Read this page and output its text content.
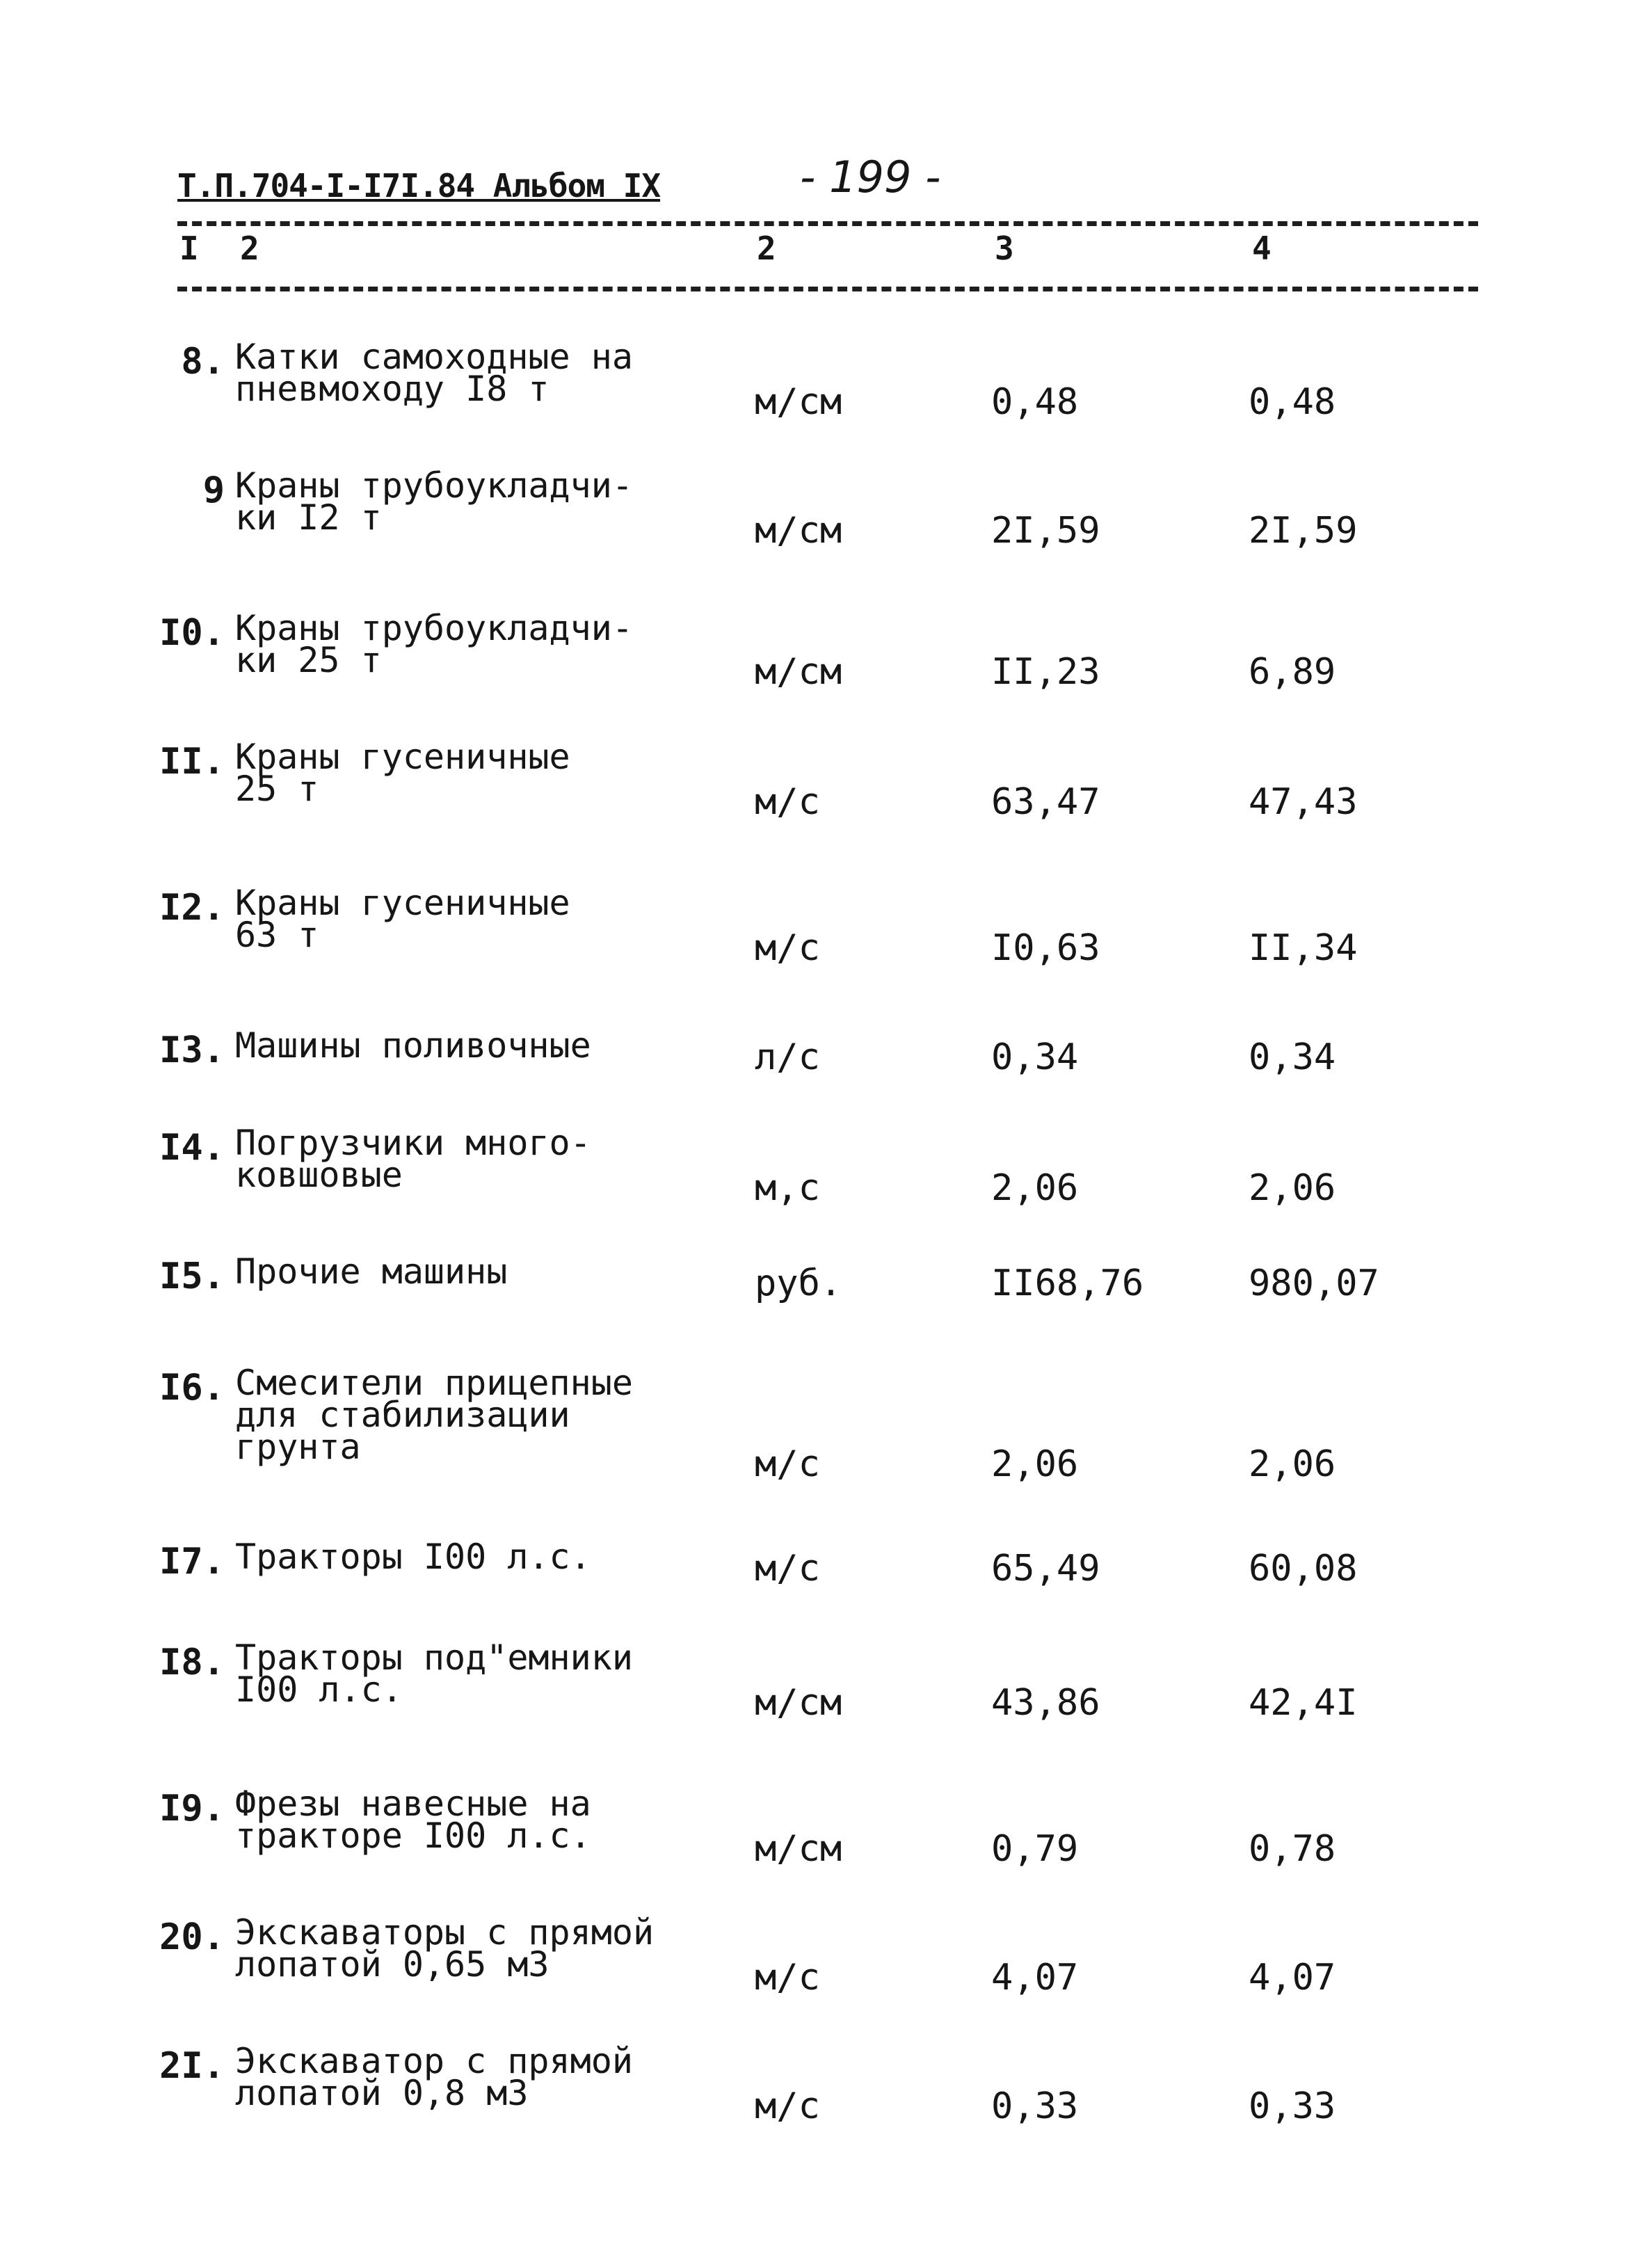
Т.П.704-I-I7I.84 Альбом IX	- 199 -
I 2	2	3	4
8. Катки самоходные на
пневмоходу I8 т	м/см	0,48	0,48
9 Краны трубоукладчи-
ки I2 т	м/см	2I,59	2I,59
I0. Краны трубоукладчи-
ки 25 т	м/см	II,23	6,89
II. Краны гусеничные
25 т	м/с	63,47	47,43
I2. Краны гусеничные
63 т	м/с	I0,63	II,34
I3. Машины поливочные	л/с	0,34	0,34
I4. Погрузчики много-
ковшовые	м,с	2,06	2,06
I5. Прочие машины	руб.	II68,76	980,07
I6. Смесители прицепные
для стабилизации
грунта	м/с	2,06	2,06
I7. Тракторы I00 л.с.	м/с	65,49	60,08
I8. Тракторы под"емники
I00 л.с.	м/см	43,86	42,4I
I9. Фрезы навесные на
тракторе I00 л.с.	м/см	0,79	0,78
20. Экскаваторы с прямой
лопатой 0,65 м3	м/с	4,07	4,07
2I. Экскаватор с прямой
лопатой 0,8 м3	м/с	0,33	0,33
